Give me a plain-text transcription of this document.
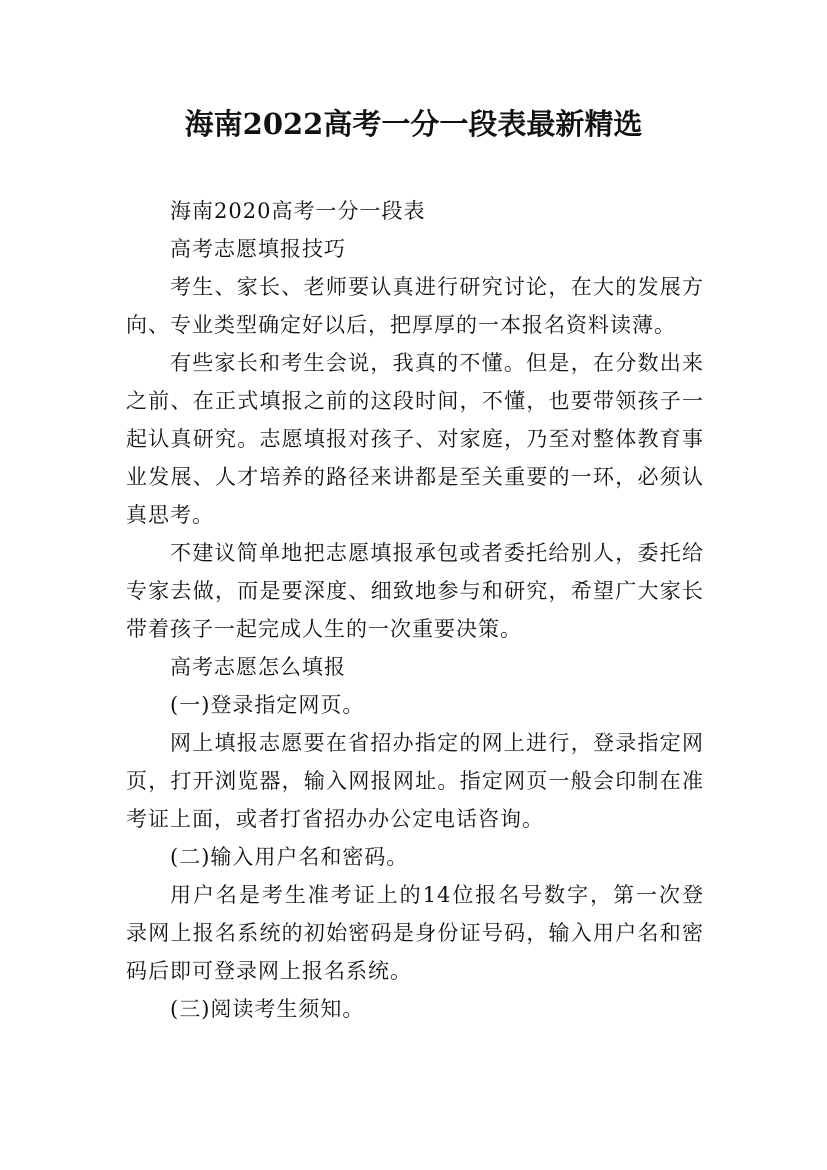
海南2022高考一分一段表最新精选

海南2020高考一分一段表

高考志愿填报技巧

考生、家长、老师要认真进行研究讨论，在大的发展方向、专业类型确定好以后，把厚厚的一本报名资料读薄。

有些家长和考生会说，我真的不懂。但是，在分数出来之前、在正式填报之前的这段时间，不懂，也要带领孩子一起认真研究。志愿填报对孩子、对家庭，乃至对整体教育事业发展、人才培养的路径来讲都是至关重要的一环，必须认真思考。

不建议简单地把志愿填报承包或者委托给别人，委托给专家去做，而是要深度、细致地参与和研究，希望广大家长带着孩子一起完成人生的一次重要决策。

高考志愿怎么填报

(一)登录指定网页。

网上填报志愿要在省招办指定的网上进行，登录指定网页，打开浏览器，输入网报网址。指定网页一般会印制在准考证上面，或者打省招办办公定电话咨询。

(二)输入用户名和密码。

用户名是考生准考证上的14位报名号数字，第一次登录网上报名系统的初始密码是身份证号码，输入用户名和密码后即可登录网上报名系统。

(三)阅读考生须知。
